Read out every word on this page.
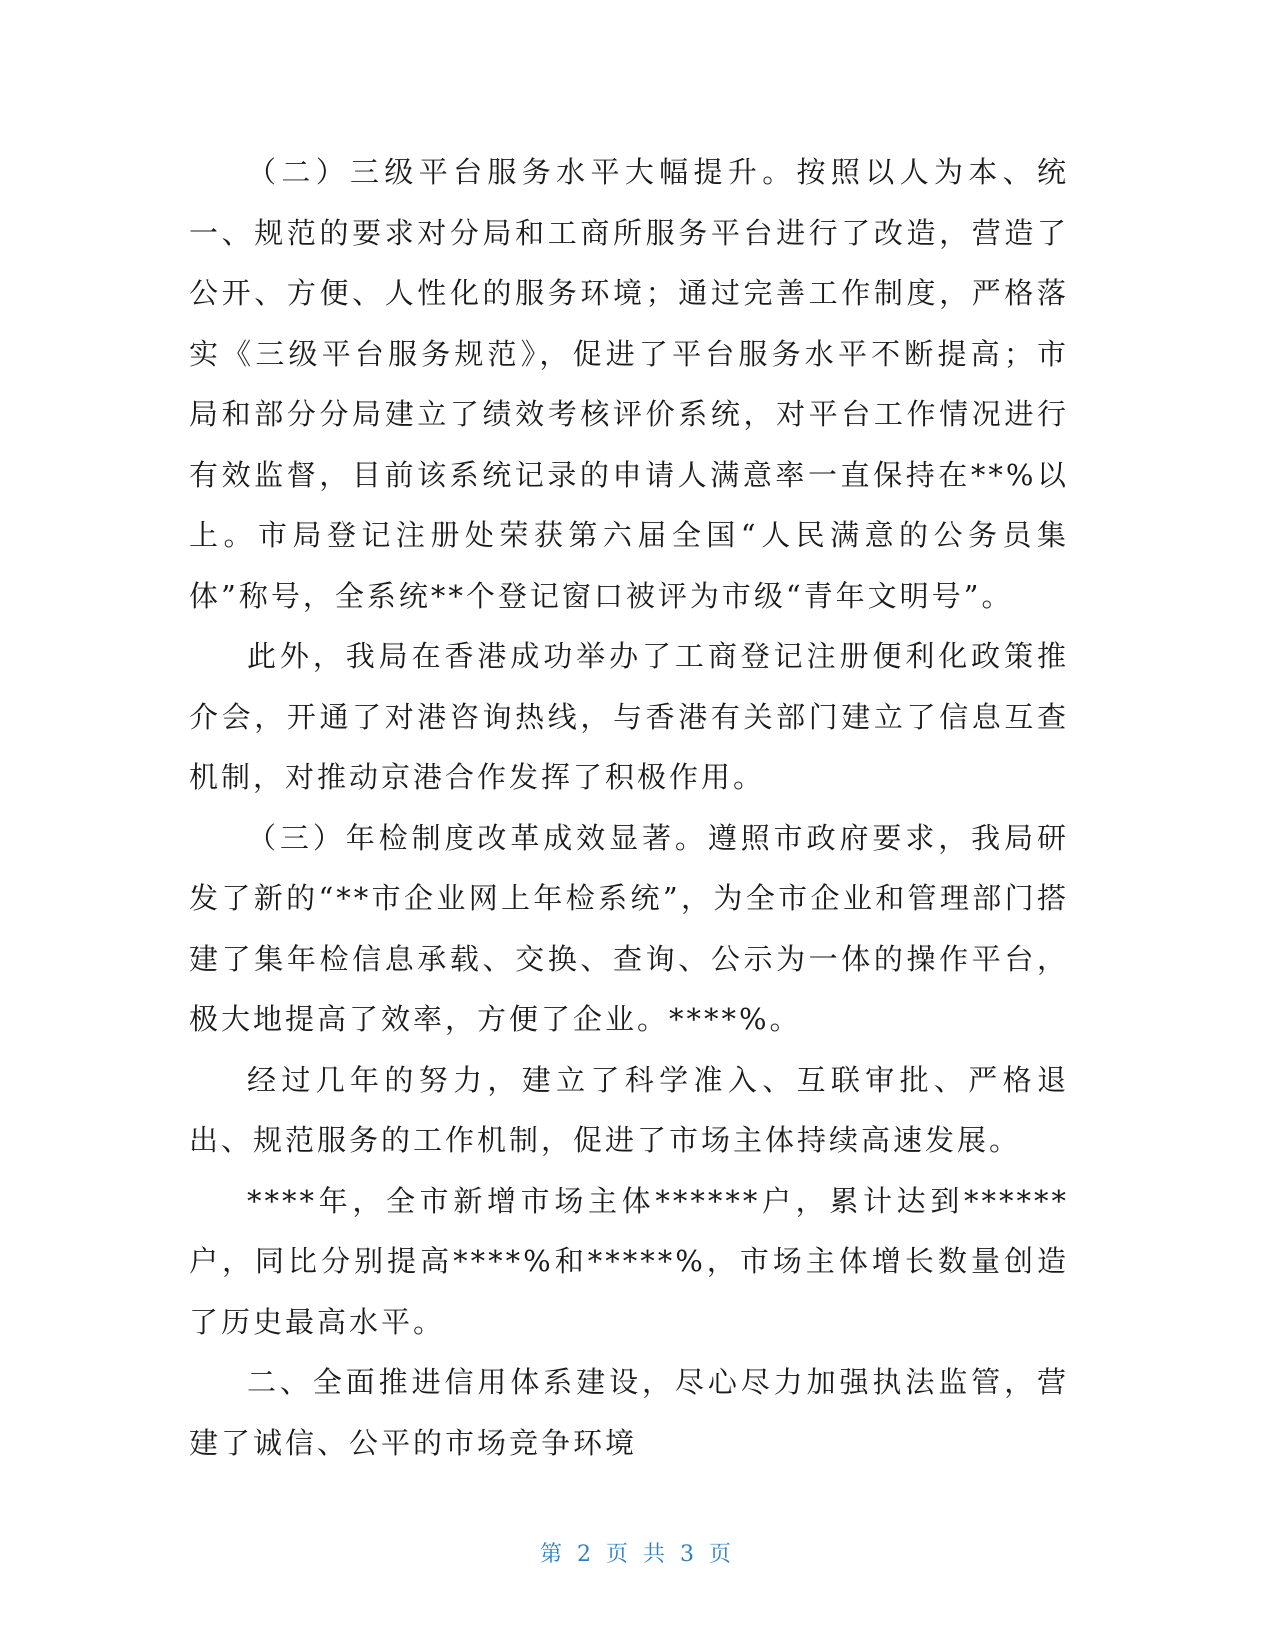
（二）三级平台服务水平大幅提升。按照以人为本、统一、规范的要求对分局和工商所服务平台进行了改造，营造了公开、方便、人性化的服务环境；通过完善工作制度，严格落实《三级平台服务规范》，促进了平台服务水平不断提高；市局和部分分局建立了绩效考核评价系统，对平台工作情况进行有效监督，目前该系统记录的申请人满意率一直保持在**%以上。市局登记注册处荣获第六届全国“人民满意的公务员集体”称号，全系统**个登记窗口被评为市级“青年文明号”。

此外，我局在香港成功举办了工商登记注册便利化政策推介会，开通了对港咨询热线，与香港有关部门建立了信息互查机制，对推动京港合作发挥了积极作用。

（三）年检制度改革成效显著。遵照市政府要求，我局研发了新的“**市企业网上年检系统”，为全市企业和管理部门搭建了集年检信息承载、交换、查询、公示为一体的操作平台，极大地提高了效率，方便了企业。****%。

经过几年的努力，建立了科学准入、互联审批、严格退出、规范服务的工作机制，促进了市场主体持续高速发展。

****年，全市新增市场主体******户，累计达到******户，同比分别提高****%和*****%，市场主体增长数量创造了历史最高水平。

二、全面推进信用体系建设，尽心尽力加强执法监管，营建了诚信、公平的市场竞争环境

第 2 页 共 3 页
